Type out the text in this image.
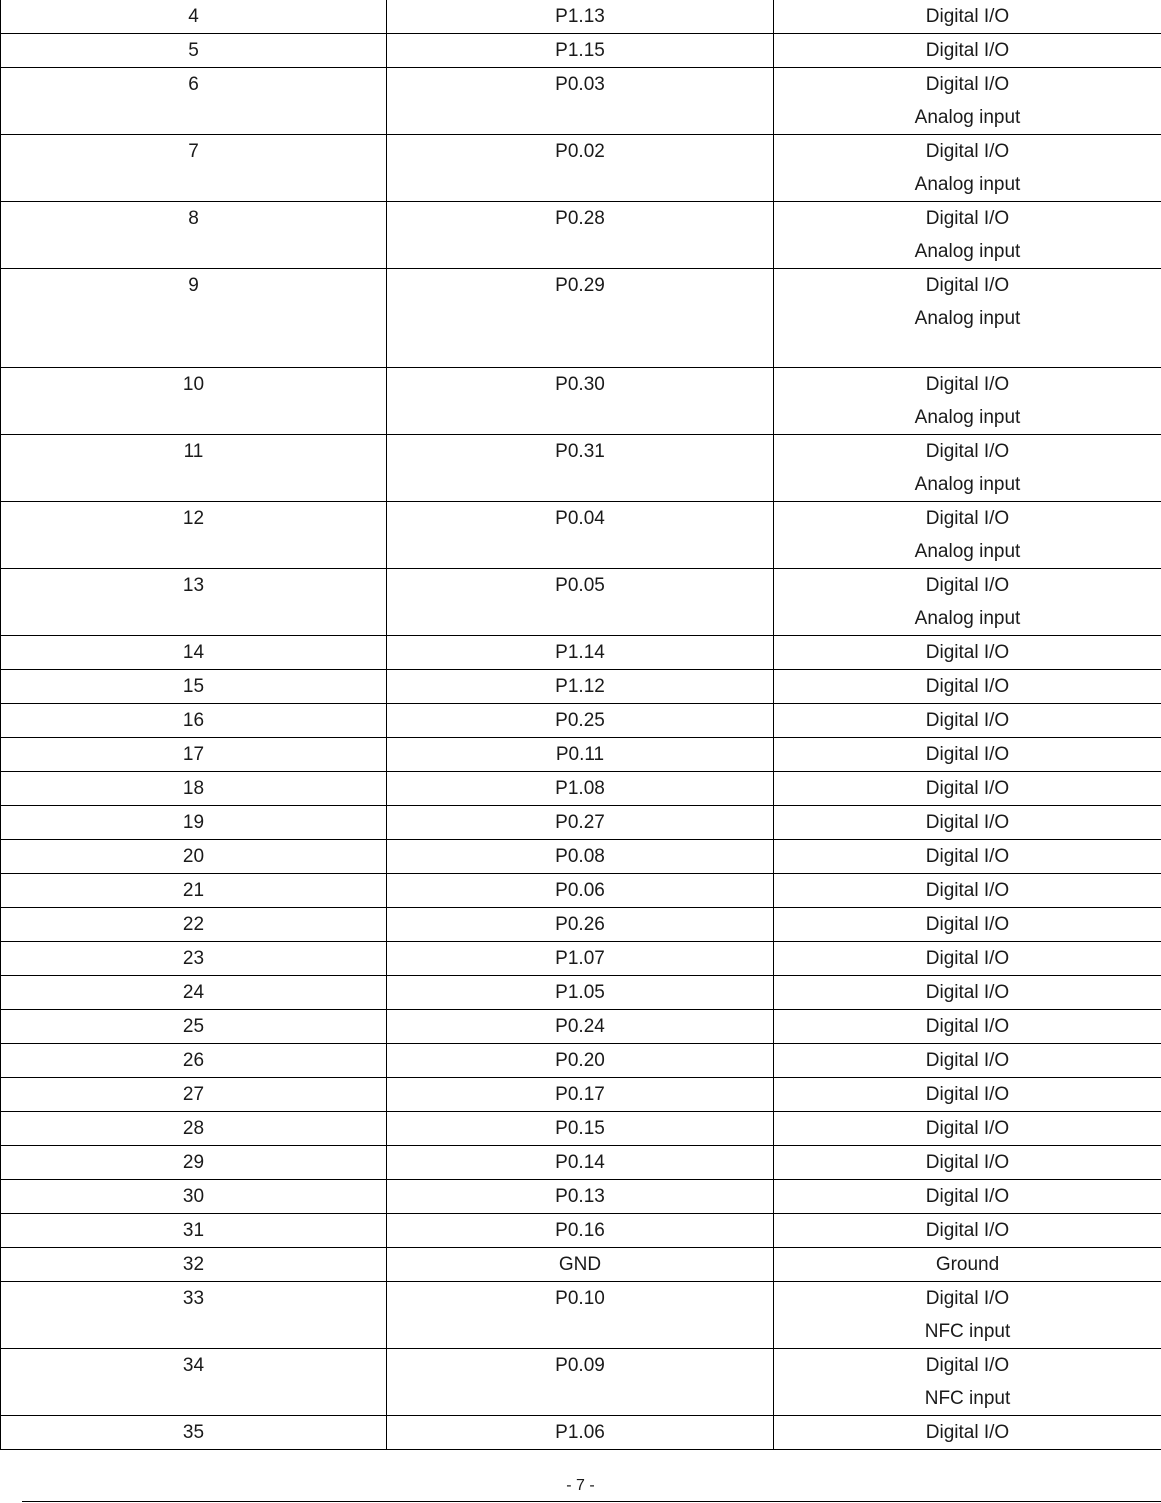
4	P1.13	Digital I/O

5	P1.15	Digital I/O

6	P0.03	Digital I/O
Analog input

7	P0.02	Digital I/O
Analog input

8	P0.28	Digital I/O
Analog input

9	P0.29	Digital I/O
Analog input

10	P0.30	Digital I/O
Analog input

11	P0.31	Digital I/O
Analog input

12	P0.04	Digital I/O
Analog input

13	P0.05	Digital I/O
Analog input

14	P1.14	Digital I/O

15	P1.12	Digital I/O

16	P0.25	Digital I/O

17	P0.11	Digital I/O

18	P1.08	Digital I/O

19	P0.27	Digital I/O

20	P0.08	Digital I/O

21	P0.06	Digital I/O

22	P0.26	Digital I/O

23	P1.07	Digital I/O

24	P1.05	Digital I/O

25	P0.24	Digital I/O

26	P0.20	Digital I/O

27	P0.17	Digital I/O

28	P0.15	Digital I/O

29	P0.14	Digital I/O

30	P0.13	Digital I/O

31	P0.16	Digital I/O

32	GND	Ground

33	P0.10	Digital I/O
NFC input

34	P0.09	Digital I/O
NFC input

35	P1.06	Digital I/O
- 7 -
